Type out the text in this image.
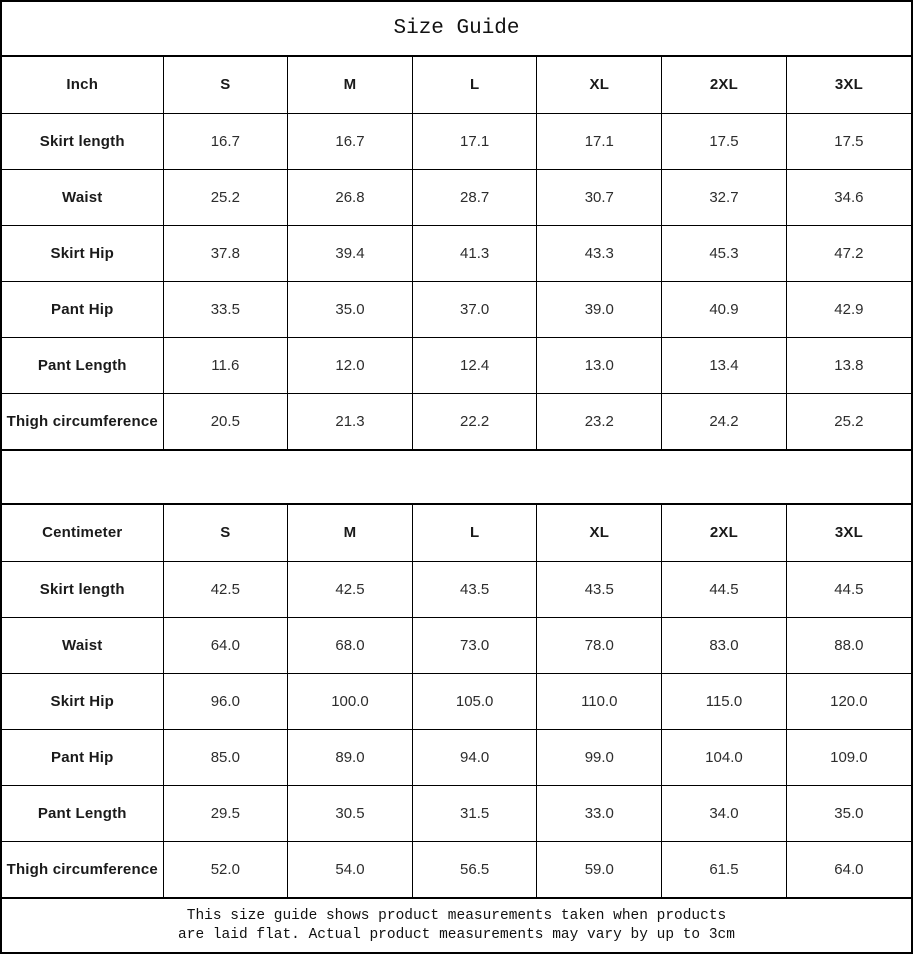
Size Guide
Inch	S	M	L	XL	2XL	3XL
Skirt length	16.7	16.7	17.1	17.1	17.5	17.5
Waist	25.2	26.8	28.7	30.7	32.7	34.6
Skirt Hip	37.8	39.4	41.3	43.3	45.3	47.2
Pant Hip	33.5	35.0	37.0	39.0	40.9	42.9
Pant Length	11.6	12.0	12.4	13.0	13.4	13.8
Thigh circumference	20.5	21.3	22.2	23.2	24.2	25.2
Centimeter	S	M	L	XL	2XL	3XL
Skirt length	42.5	42.5	43.5	43.5	44.5	44.5
Waist	64.0	68.0	73.0	78.0	83.0	88.0
Skirt Hip	96.0	100.0	105.0	110.0	115.0	120.0
Pant Hip	85.0	89.0	94.0	99.0	104.0	109.0
Pant Length	29.5	30.5	31.5	33.0	34.0	35.0
Thigh circumference	52.0	54.0	56.5	59.0	61.5	64.0
This size guide shows product measurements taken when products
are laid flat. Actual product measurements may vary by up to 3cm
